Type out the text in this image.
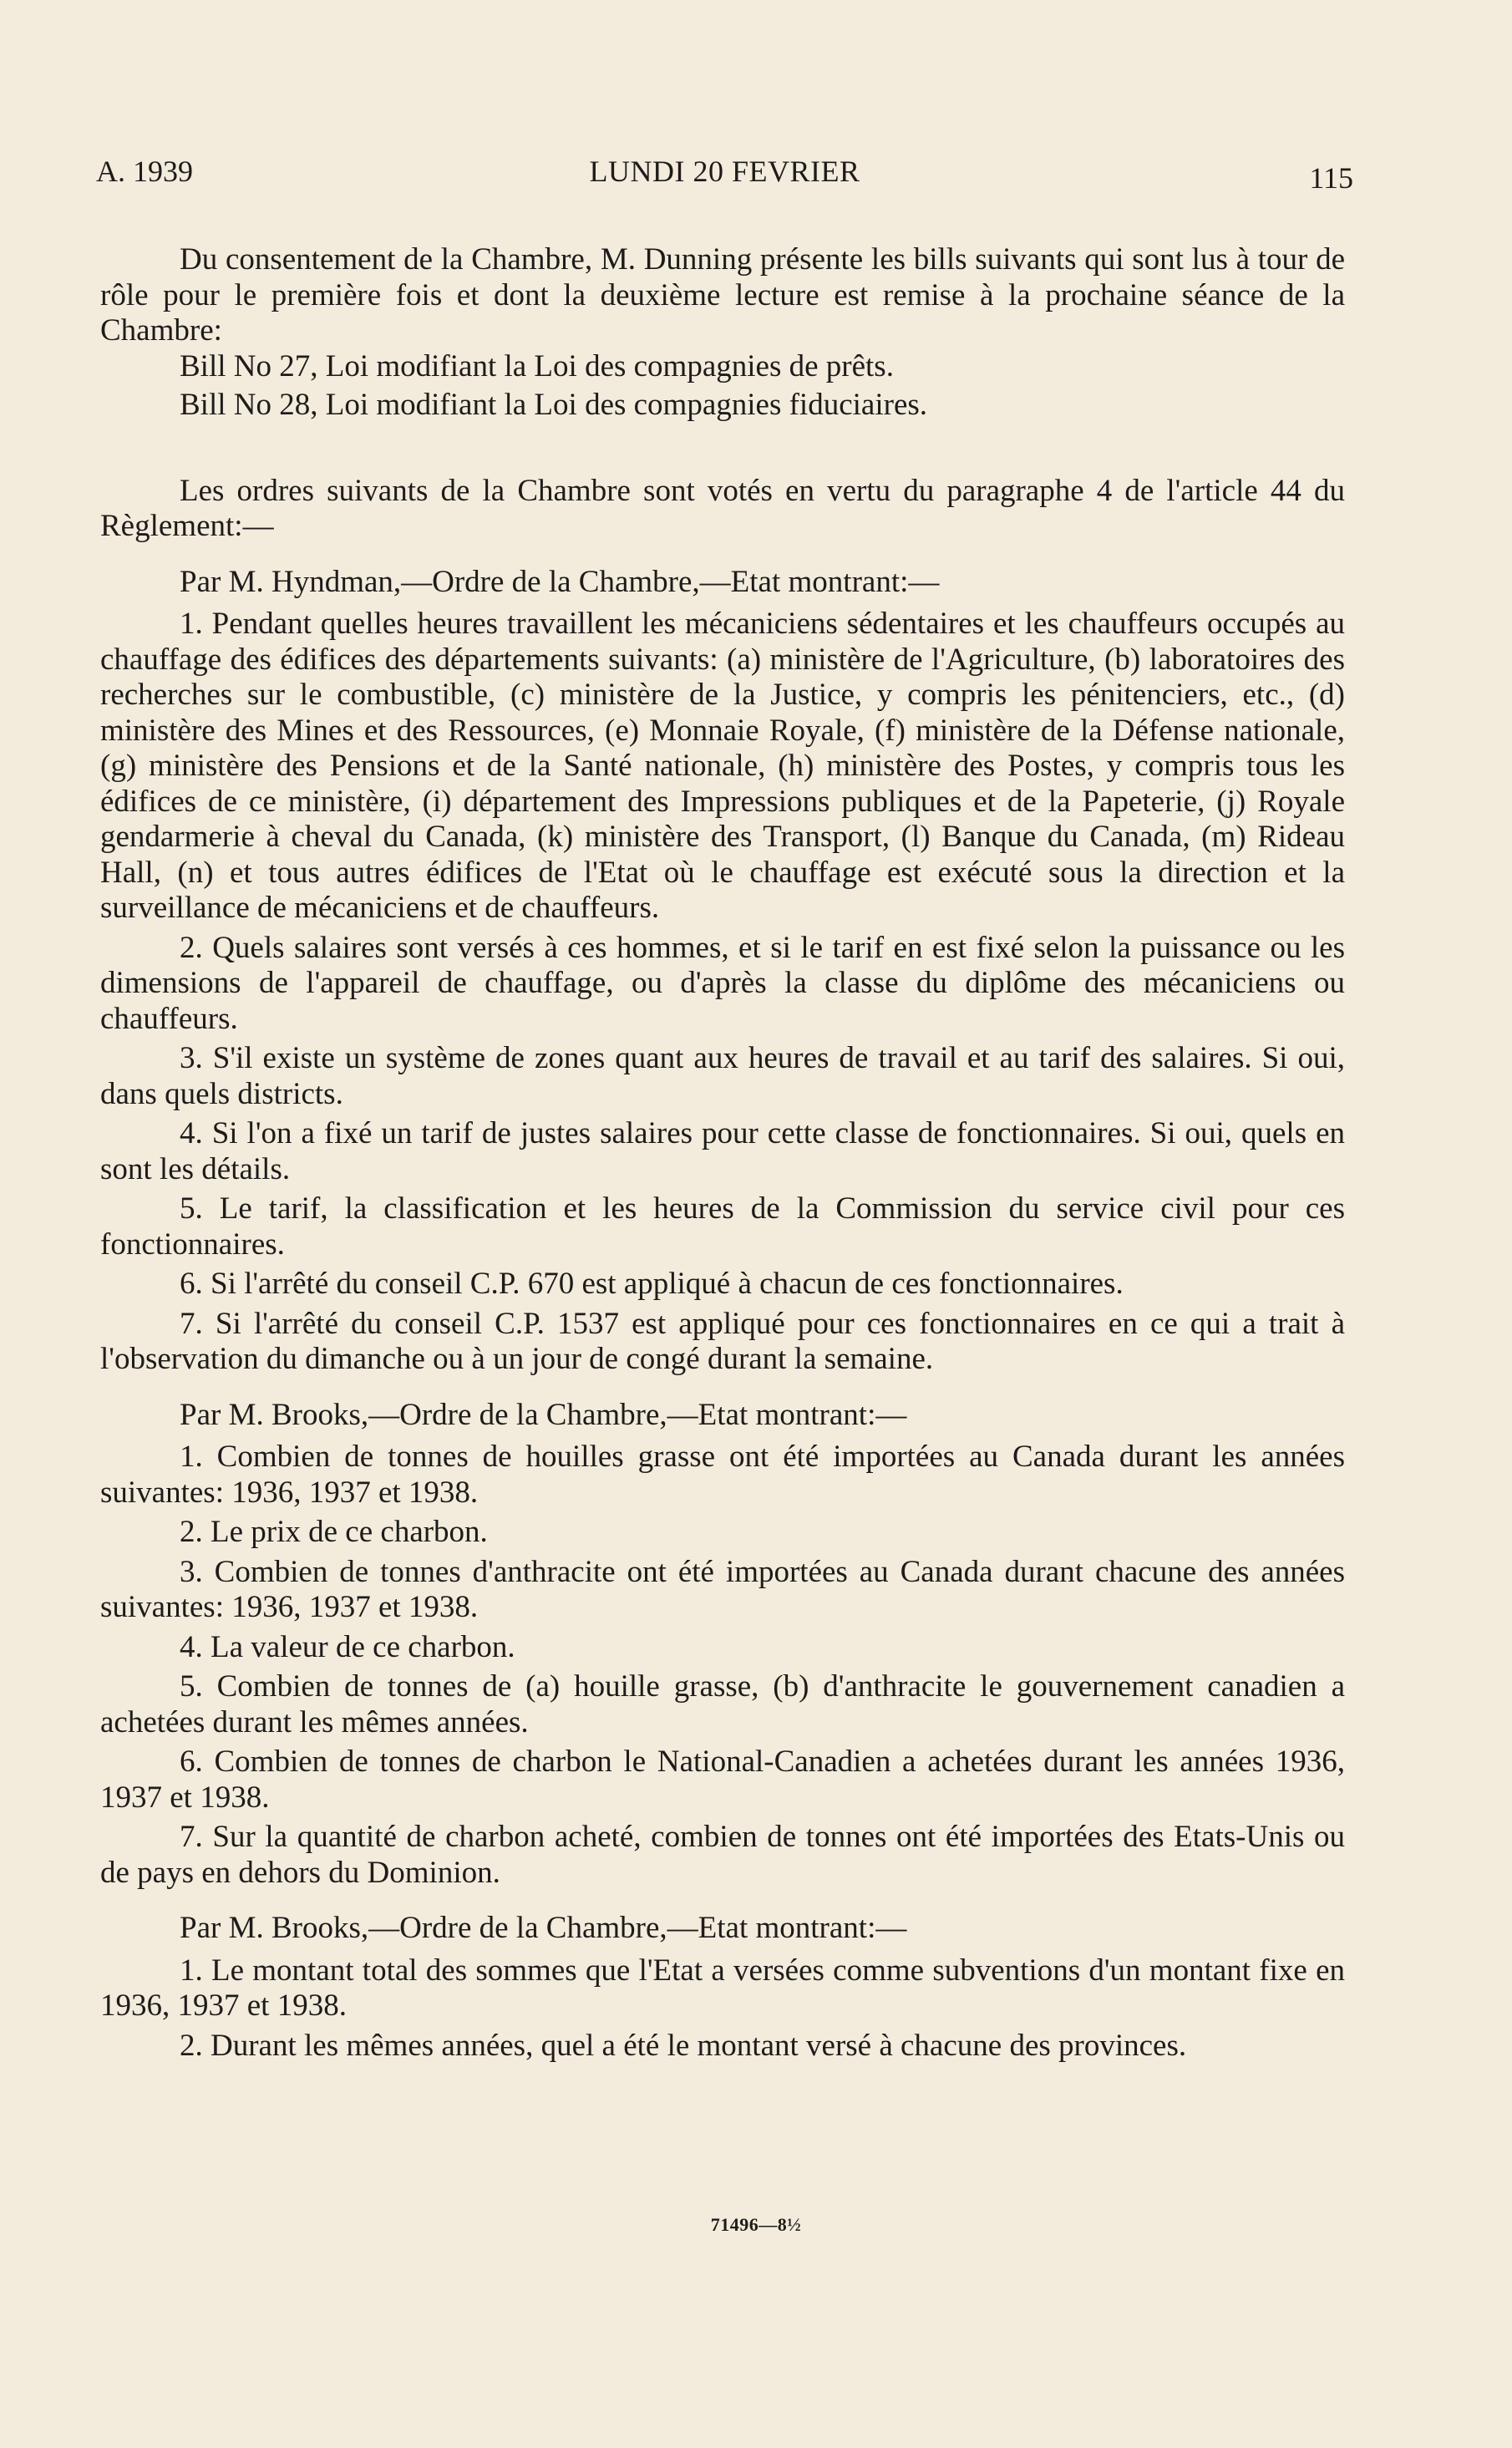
A. 1939	LUNDI 20 FEVRIER	115

Du consentement de la Chambre, M. Dunning présente les bills suivants qui sont lus à tour de rôle pour le première fois et dont la deuxième lecture est remise à la prochaine séance de la Chambre:

Bill No 27, Loi modifiant la Loi des compagnies de prêts.

Bill No 28, Loi modifiant la Loi des compagnies fiduciaires.

Les ordres suivants de la Chambre sont votés en vertu du paragraphe 4 de l'article 44 du Règlement:—

Par M. Hyndman,—Ordre de la Chambre,—Etat montrant:—

1. Pendant quelles heures travaillent les mécaniciens sédentaires et les chauffeurs occupés au chauffage des édifices des départements suivants: (a) ministère de l'Agriculture, (b) laboratoires des recherches sur le combustible, (c) ministère de la Justice, y compris les pénitenciers, etc., (d) ministère des Mines et des Ressources, (e) Monnaie Royale, (f) ministère de la Défense nationale, (g) ministère des Pensions et de la Santé nationale, (h) ministère des Postes, y compris tous les édifices de ce ministère, (i) département des Impressions publiques et de la Papeterie, (j) Royale gendarmerie à cheval du Canada, (k) ministère des Transport, (l) Banque du Canada, (m) Rideau Hall, (n) et tous autres édifices de l'Etat où le chauffage est exécuté sous la direction et la surveillance de mécaniciens et de chauffeurs.

2. Quels salaires sont versés à ces hommes, et si le tarif en est fixé selon la puissance ou les dimensions de l'appareil de chauffage, ou d'après la classe du diplôme des mécaniciens ou chauffeurs.

3. S'il existe un système de zones quant aux heures de travail et au tarif des salaires. Si oui, dans quels districts.

4. Si l'on a fixé un tarif de justes salaires pour cette classe de fonctionnaires. Si oui, quels en sont les détails.

5. Le tarif, la classification et les heures de la Commission du service civil pour ces fonctionnaires.

6. Si l'arrêté du conseil C.P. 670 est appliqué à chacun de ces fonctionnaires.

7. Si l'arrêté du conseil C.P. 1537 est appliqué pour ces fonctionnaires en ce qui a trait à l'observation du dimanche ou à un jour de congé durant la semaine.

Par M. Brooks,—Ordre de la Chambre,—Etat montrant:—

1. Combien de tonnes de houilles grasse ont été importées au Canada durant les années suivantes: 1936, 1937 et 1938.

2. Le prix de ce charbon.

3. Combien de tonnes d'anthracite ont été importées au Canada durant chacune des années suivantes: 1936, 1937 et 1938.

4. La valeur de ce charbon.

5. Combien de tonnes de (a) houille grasse, (b) d'anthracite le gouvernement canadien a achetées durant les mêmes années.

6. Combien de tonnes de charbon le National-Canadien a achetées durant les années 1936, 1937 et 1938.

7. Sur la quantité de charbon acheté, combien de tonnes ont été importées des Etats-Unis ou de pays en dehors du Dominion.

Par M. Brooks,—Ordre de la Chambre,—Etat montrant:—

1. Le montant total des sommes que l'Etat a versées comme subventions d'un montant fixe en 1936, 1937 et 1938.

2. Durant les mêmes années, quel a été le montant versé à chacune des provinces.

71496—8½
